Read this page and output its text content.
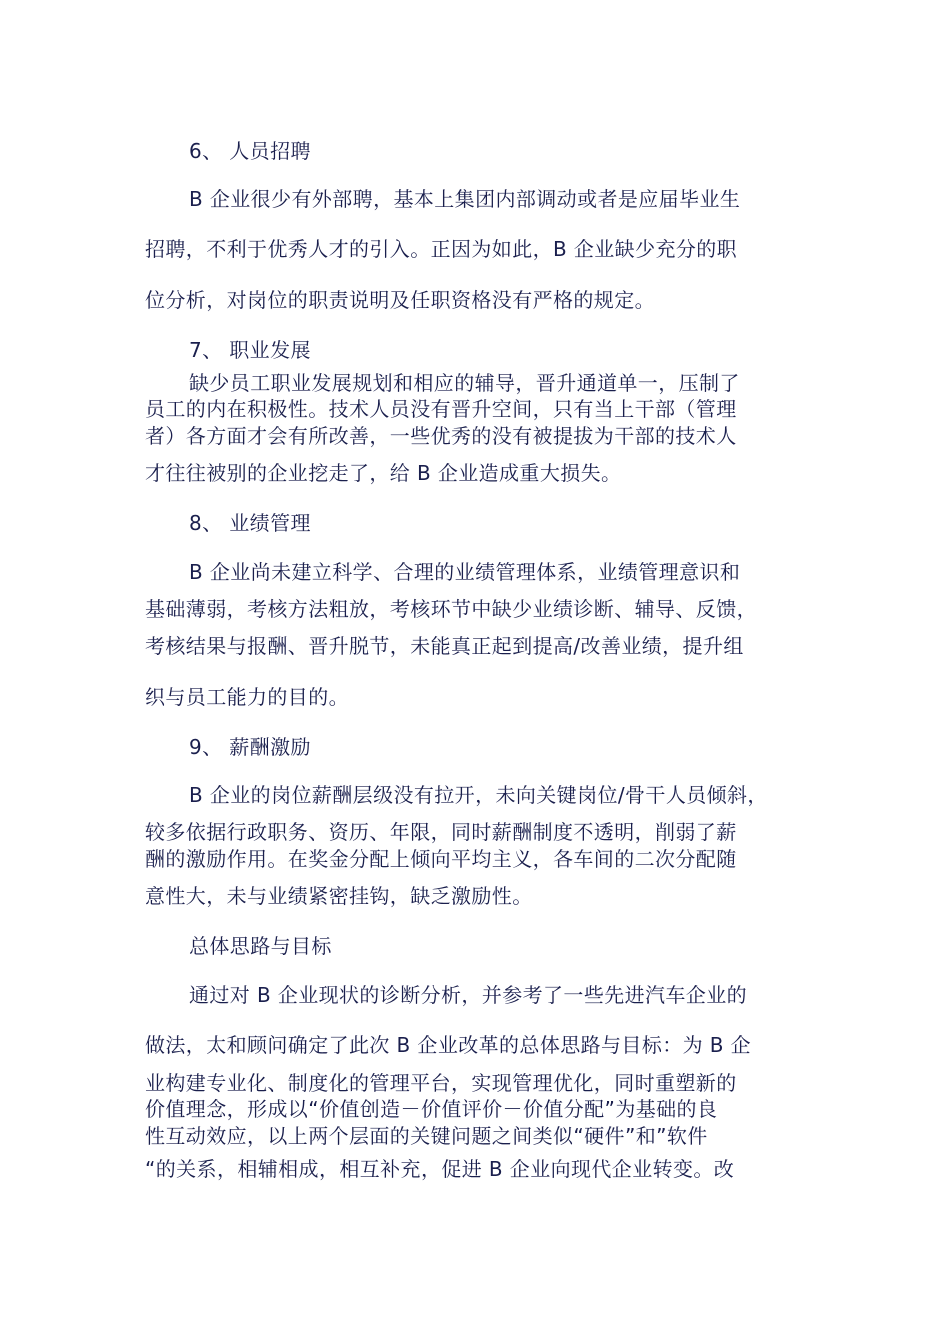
6、 人员招聘
B 企业很少有外部聘，基本上集团内部调动或者是应届毕业生
招聘，不利于优秀人才的引入。正因为如此，B 企业缺少充分的职
位分析，对岗位的职责说明及任职资格没有严格的规定。
7、 职业发展
缺少员工职业发展规划和相应的辅导，晋升通道单一，压制了
员工的内在积极性。技术人员没有晋升空间，只有当上干部（管理
者）各方面才会有所改善，一些优秀的没有被提拔为干部的技术人
才往往被别的企业挖走了，给 B 企业造成重大损失。
8、 业绩管理
B 企业尚未建立科学、合理的业绩管理体系，业绩管理意识和
基础薄弱，考核方法粗放，考核环节中缺少业绩诊断、辅导、反馈，
考核结果与报酬、晋升脱节，未能真正起到提高/改善业绩，提升组
织与员工能力的目的。
9、 薪酬激励
B 企业的岗位薪酬层级没有拉开，未向关键岗位/骨干人员倾斜，
较多依据行政职务、资历、年限，同时薪酬制度不透明，削弱了薪
酬的激励作用。在奖金分配上倾向平均主义，各车间的二次分配随
意性大，未与业绩紧密挂钩，缺乏激励性。
总体思路与目标
通过对 B 企业现状的诊断分析，并参考了一些先进汽车企业的
做法，太和顾问确定了此次 B 企业改革的总体思路与目标：为 B 企
业构建专业化、制度化的管理平台，实现管理优化，同时重塑新的
价值理念，形成以“价值创造－价值评价－价值分配”为基础的良
性互动效应，以上两个层面的关键问题之间类似“硬件”和”软件
“的关系，相辅相成，相互补充，促进 B 企业向现代企业转变。改
